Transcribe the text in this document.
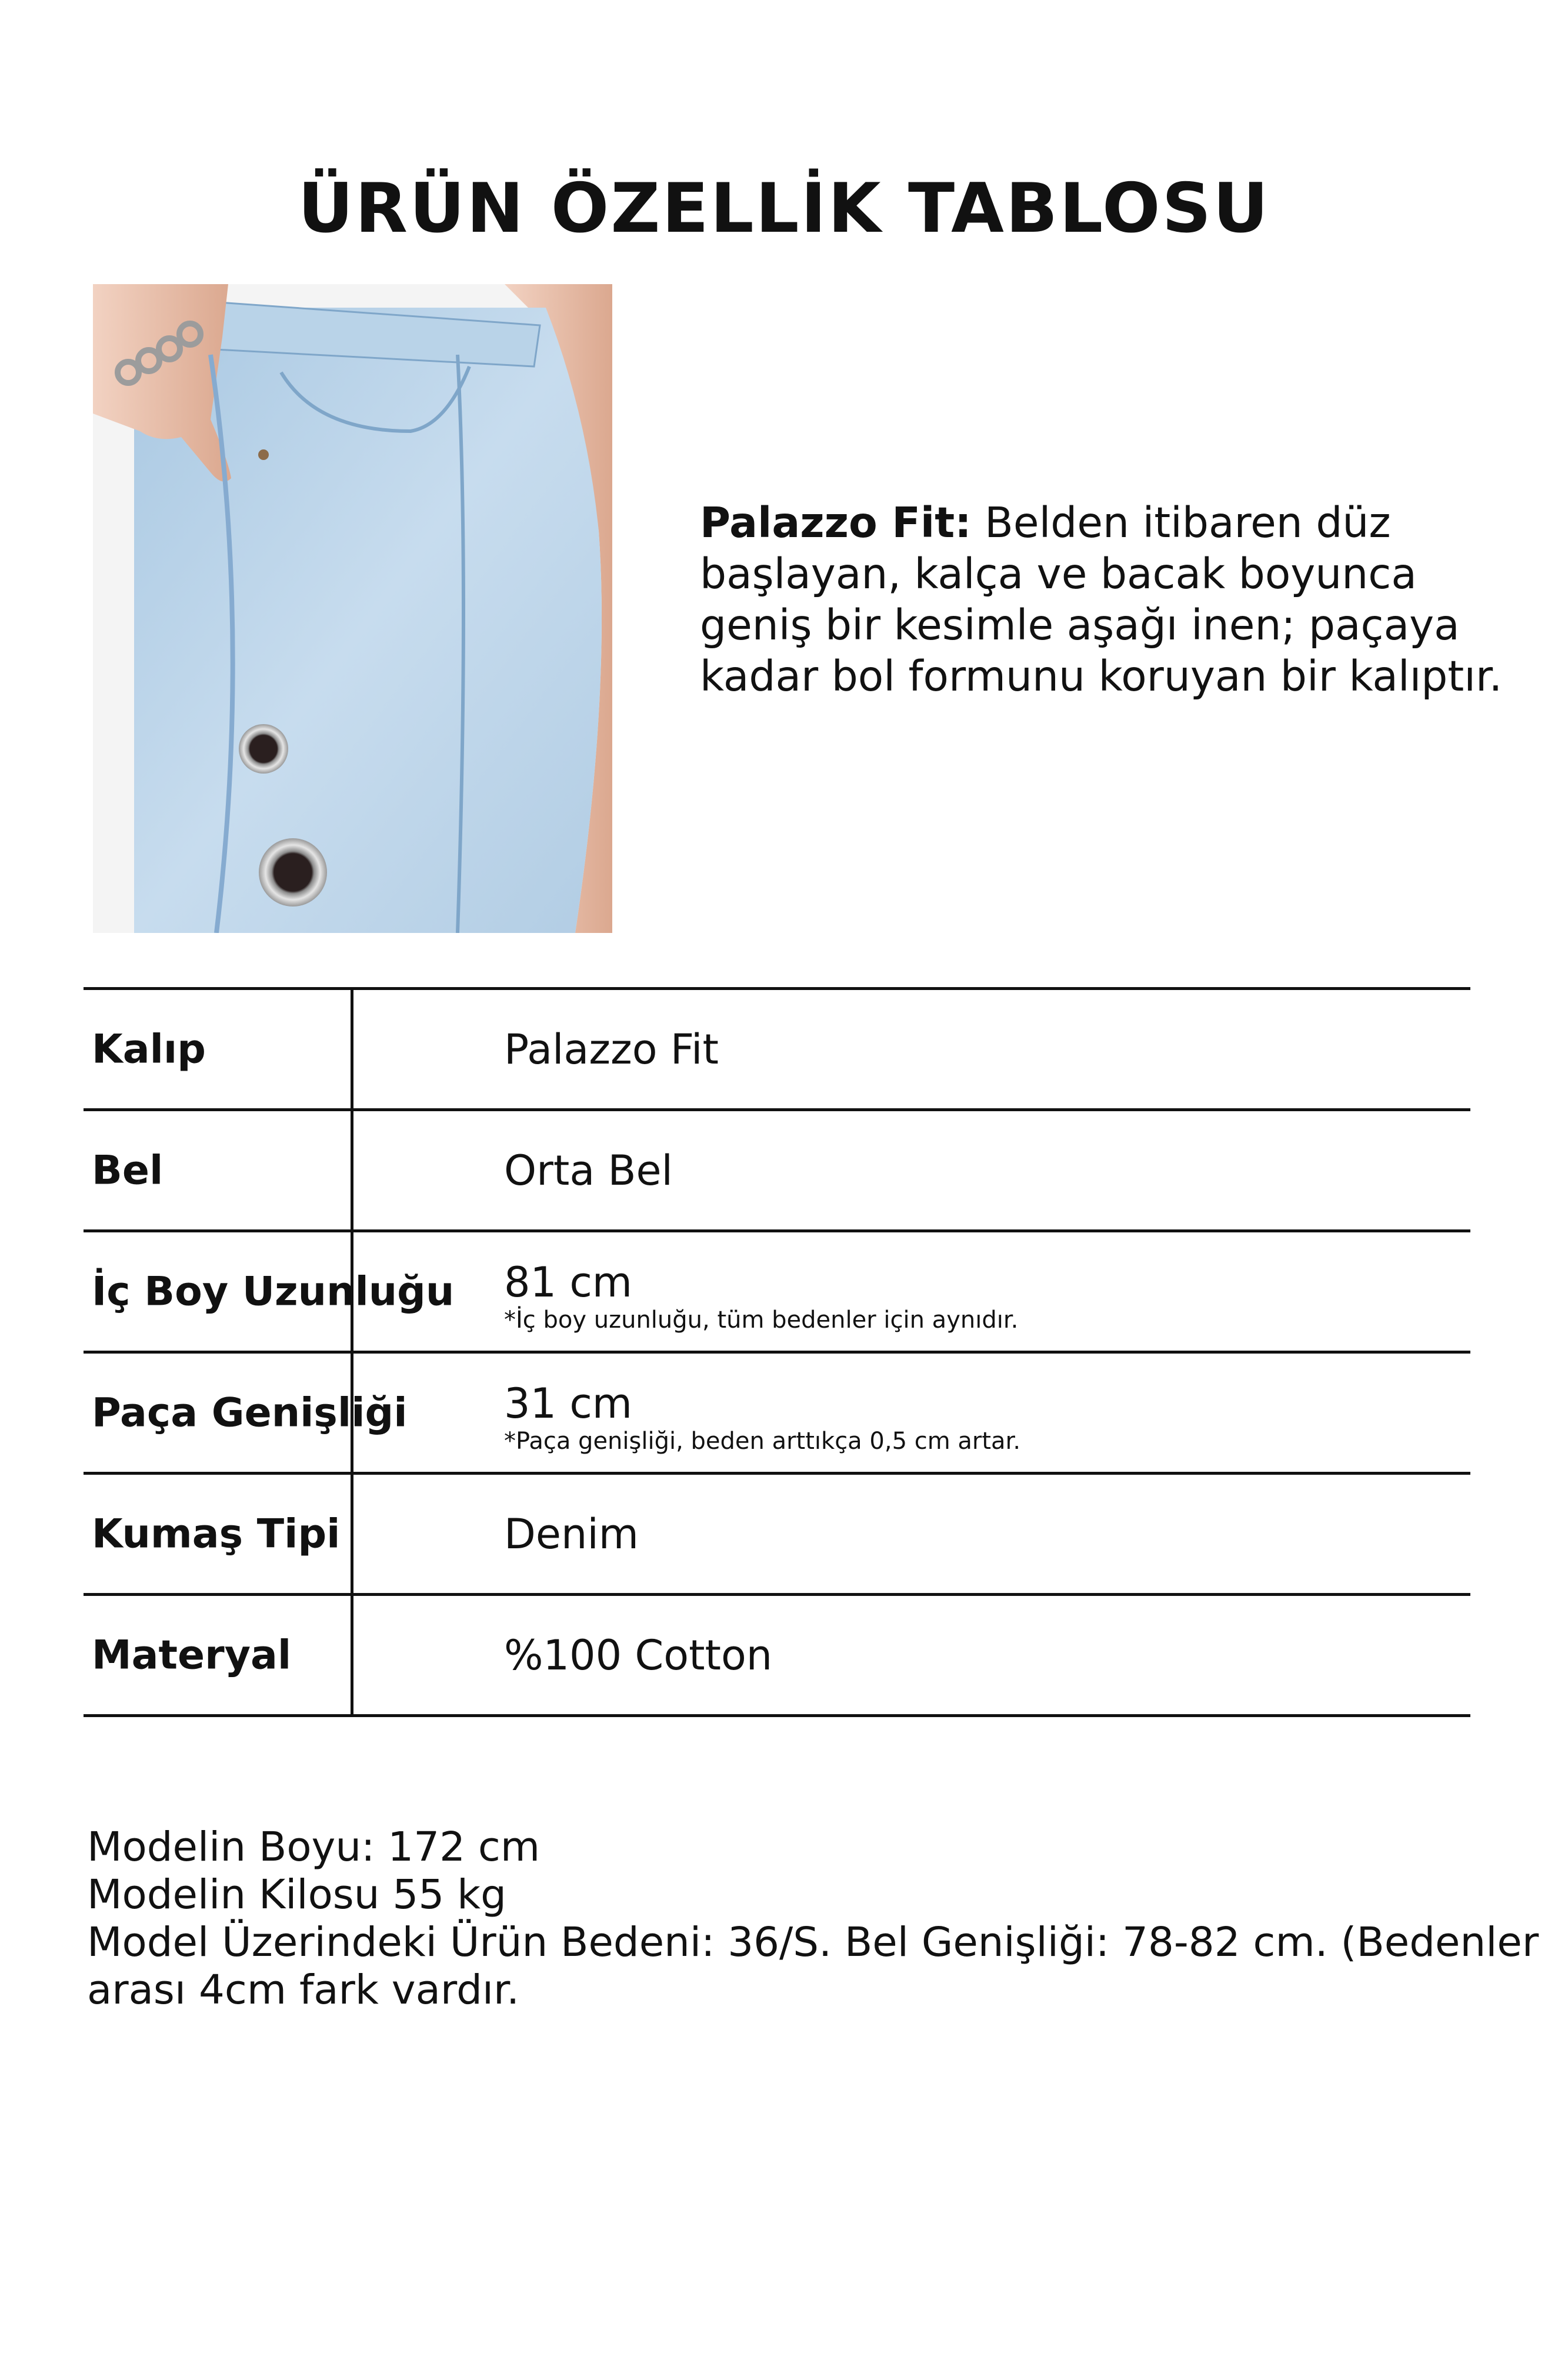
ÜRÜN ÖZELLİK TABLOSU
Palazzo Fit: Belden itibaren düz başlayan, kalça ve bacak boyunca geniş bir kesimle aşağı inen; paçaya kadar bol formunu koruyan bir kalıptır.
Kalıp	Palazzo Fit
Bel	Orta Bel
İç Boy Uzunluğu 81 cm
*İç boy uzunluğu, tüm bedenler için aynıdır.
Paça Genişliği 31 cm
*Paça genişliği, beden arttıkça 0,5 cm artar.
Kumaş Tipi	Denim
Materyal	%100 Cotton
Modelin Boyu: 172 cm
Modelin Kilosu 55 kg
Model Üzerindeki Ürün Bedeni: 36/S. Bel Genişliği: 78-82 cm. (Bedenler
arası 4cm fark vardır.
